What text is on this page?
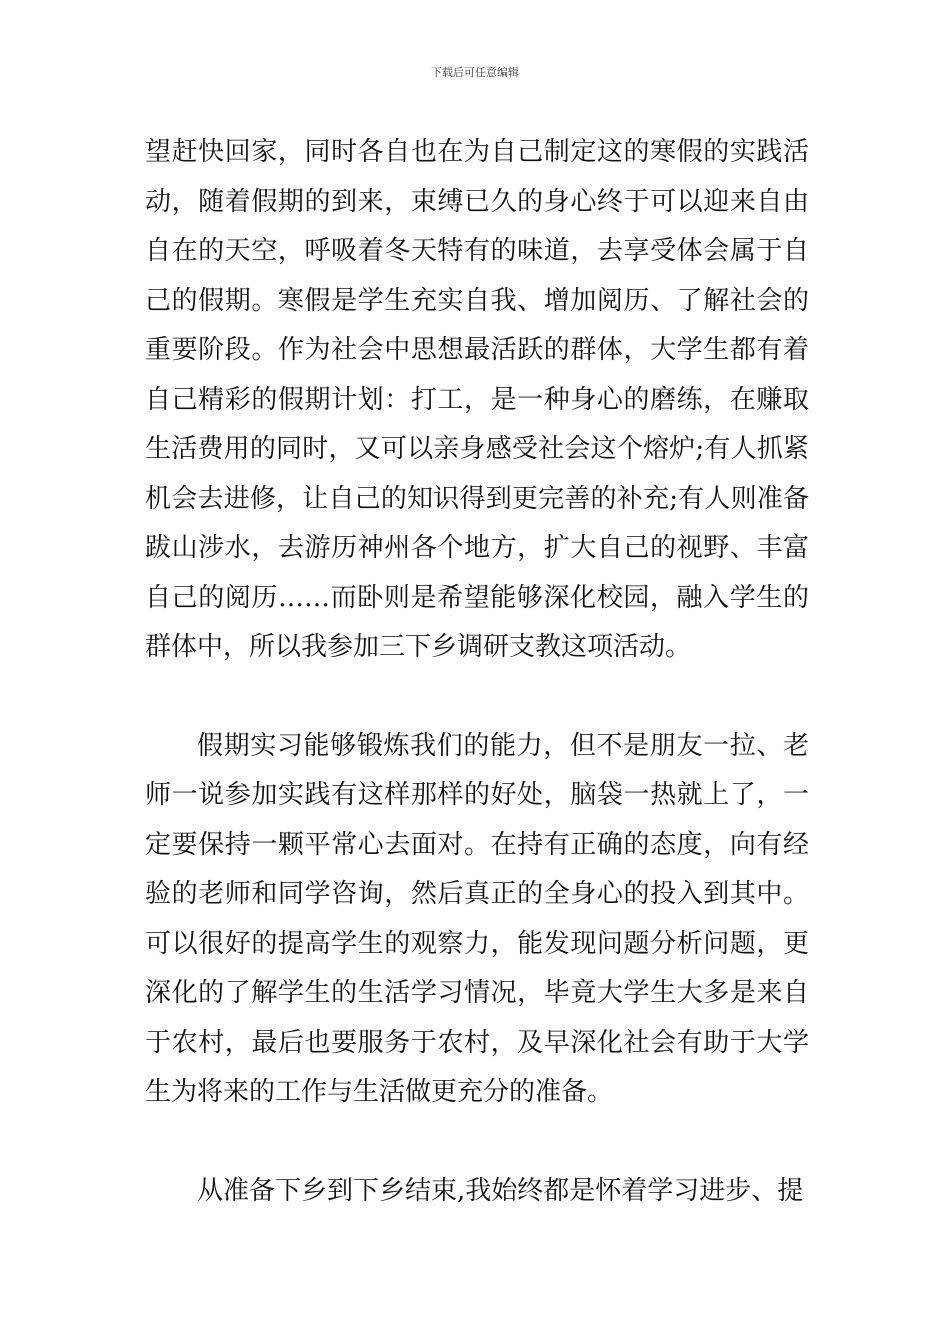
下载后可任意编辑

望赶快回家，同时各自也在为自己制定这的寒假的实践活动，随着假期的到来，束缚已久的身心终于可以迎来自由自在的天空，呼吸着冬天特有的味道，去享受体会属于自己的假期。寒假是学生充实自我、增加阅历、了解社会的重要阶段。作为社会中思想最活跃的群体，大学生都有着自己精彩的假期计划：打工，是一种身心的磨练，在赚取生活费用的同时，又可以亲身感受社会这个熔炉;有人抓紧机会去进修，让自己的知识得到更完善的补充;有人则准备跋山涉水，去游历神州各个地方，扩大自己的视野、丰富自己的阅历……而卧则是希望能够深化校园，融入学生的群体中，所以我参加三下乡调研支教这项活动。

假期实习能够锻炼我们的能力，但不是朋友一拉、老师一说参加实践有这样那样的好处，脑袋一热就上了，一定要保持一颗平常心去面对。在持有正确的态度，向有经验的老师和同学咨询，然后真正的全身心的投入到其中。可以很好的提高学生的观察力，能发现问题分析问题，更深化的了解学生的生活学习情况，毕竟大学生大多是来自于农村，最后也要服务于农村，及早深化社会有助于大学生为将来的工作与生活做更充分的准备。

从准备下乡到下乡结束,我始终都是怀着学习进步、提
